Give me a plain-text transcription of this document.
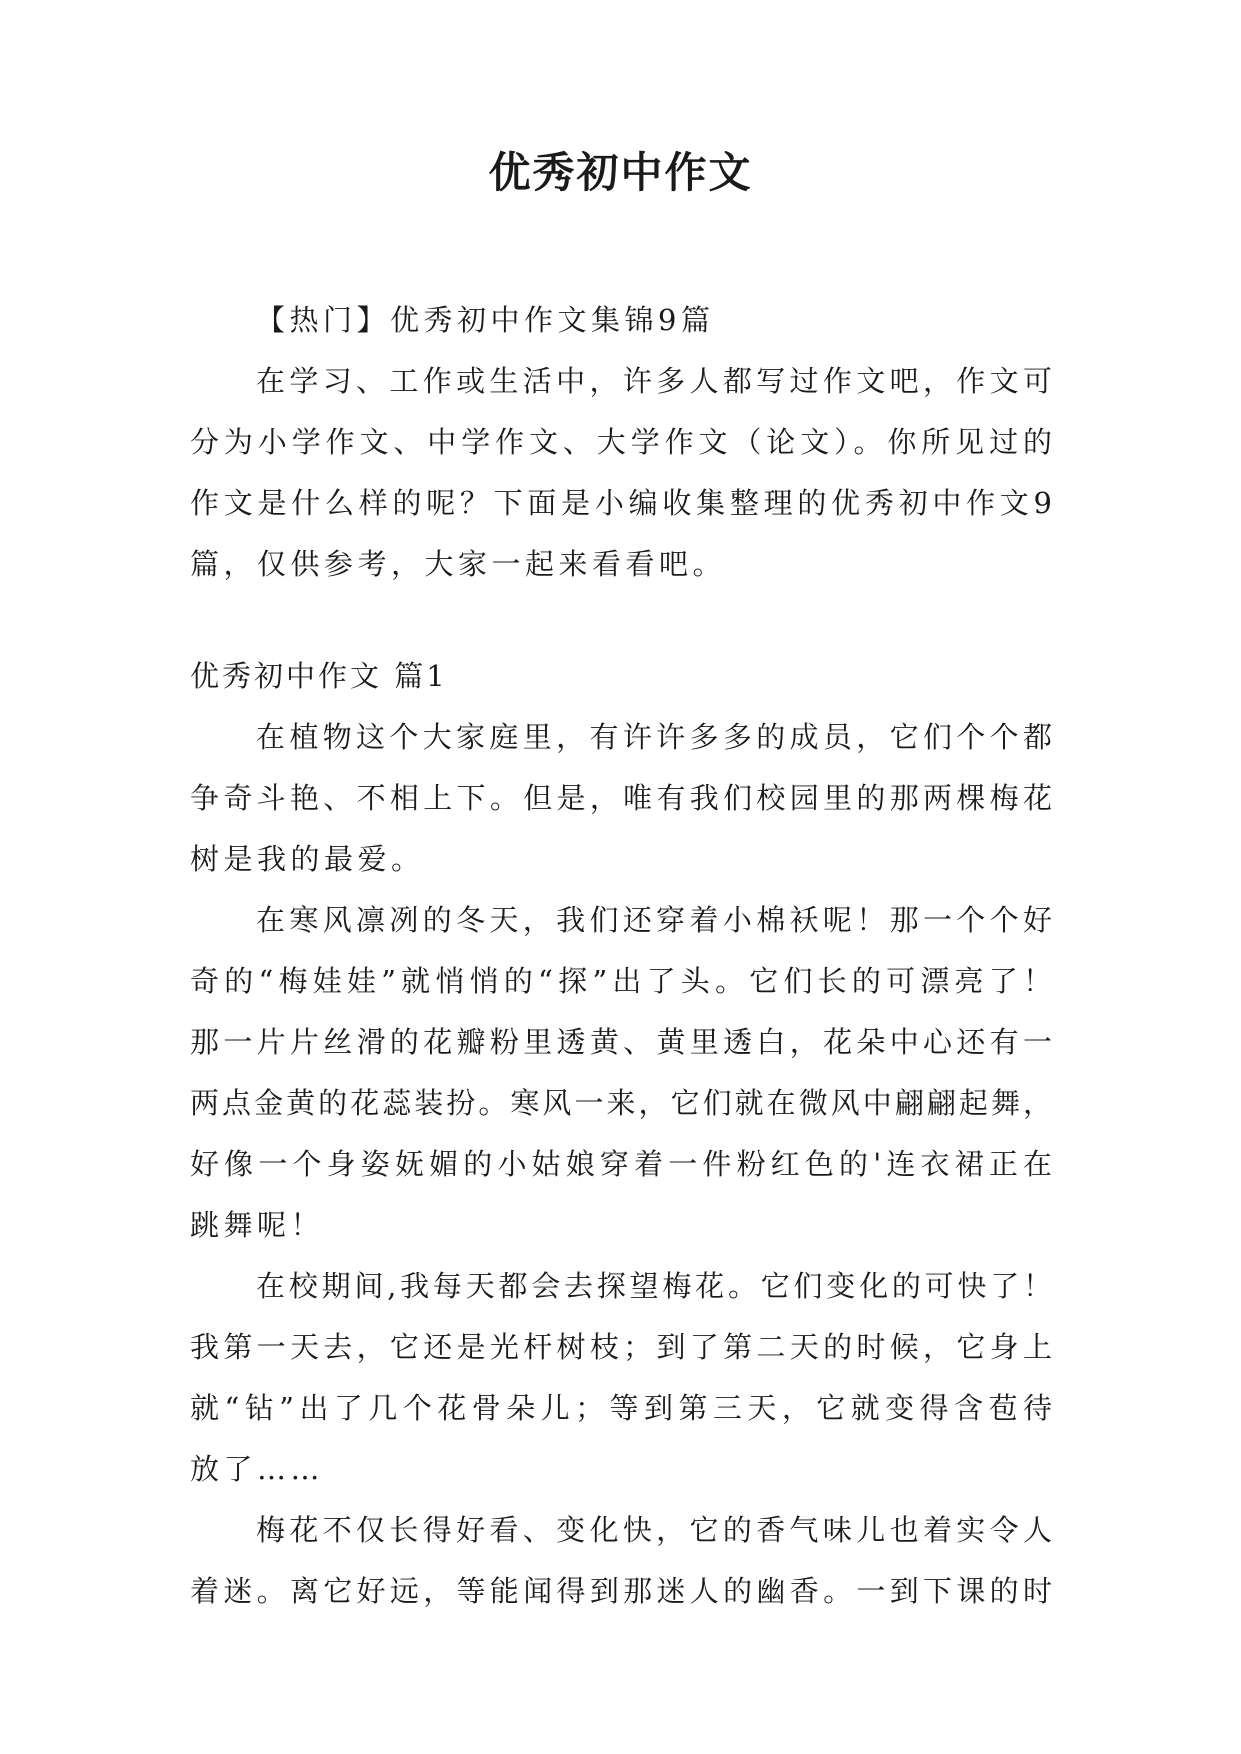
优秀初中作文
【热门】优秀初中作文集锦9篇
在学习、工作或生活中，许多人都写过作文吧，作文可
分为小学作文、中学作文、大学作文（论文）。你所见过的
作文是什么样的呢？下面是小编收集整理的优秀初中作文9
篇，仅供参考，大家一起来看看吧。
优秀初中作文 篇1
在植物这个大家庭里，有许许多多的成员，它们个个都
争奇斗艳、不相上下。但是，唯有我们校园里的那两棵梅花
树是我的最爱。
在寒风凛冽的冬天，我们还穿着小棉袄呢！那一个个好
奇的“梅娃娃”就悄悄的“探”出了头。它们长的可漂亮了！
那一片片丝滑的花瓣粉里透黄、黄里透白，花朵中心还有一
两点金黄的花蕊装扮。寒风一来，它们就在微风中翩翩起舞，
好像一个身姿妩媚的小姑娘穿着一件粉红色的'连衣裙正在
跳舞呢！
在校期间,我每天都会去探望梅花。它们变化的可快了！
我第一天去，它还是光杆树枝；到了第二天的时候，它身上
就“钻”出了几个花骨朵儿；等到第三天，它就变得含苞待
放了……
梅花不仅长得好看、变化快，它的香气味儿也着实令人
着迷。离它好远，等能闻得到那迷人的幽香。一到下课的时
